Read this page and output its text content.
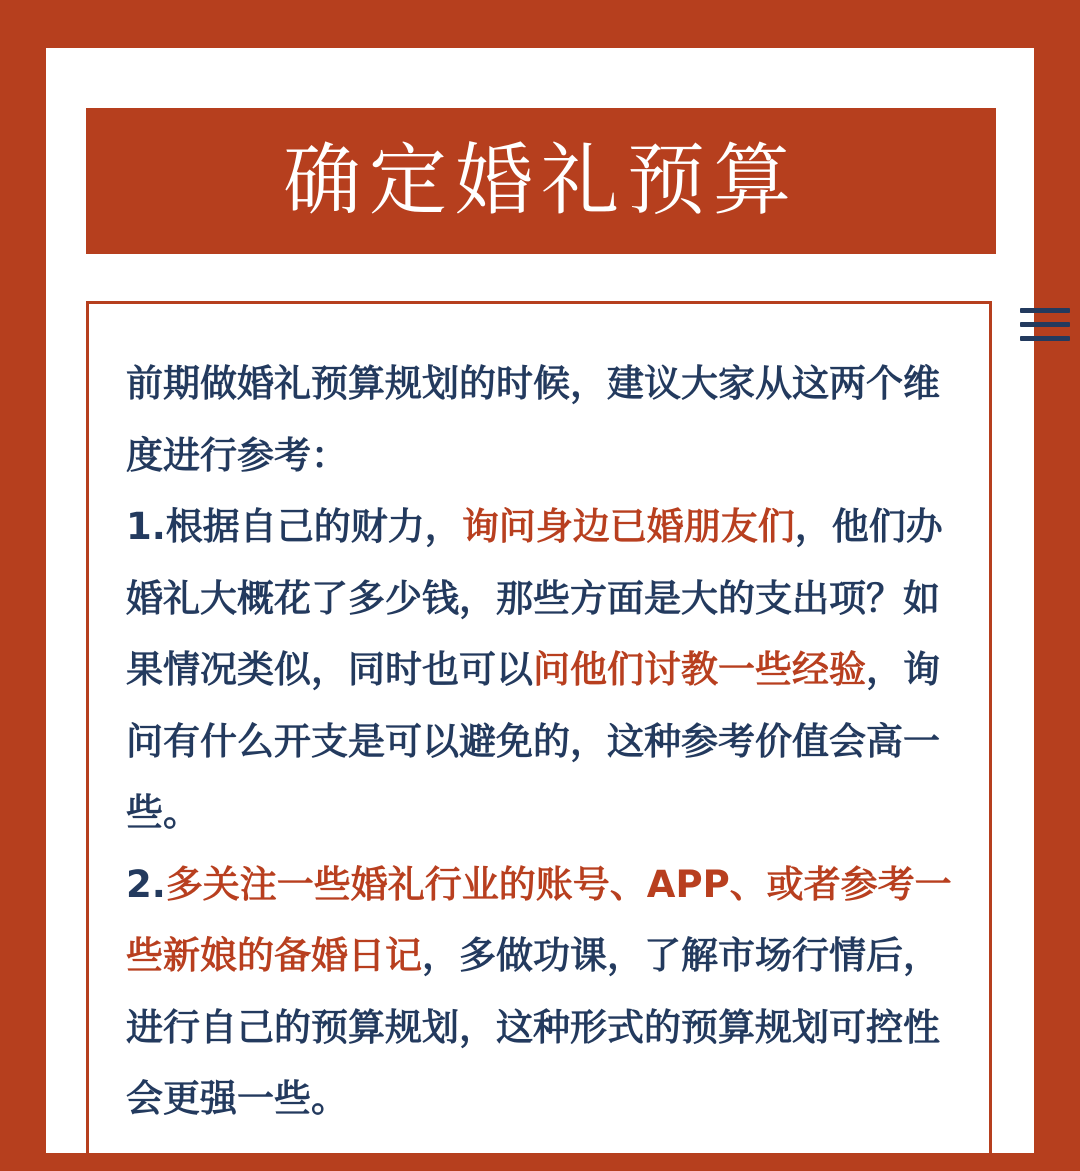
确定婚礼预算
前期做婚礼预算规划的时候，建议大家从这两个维度进行参考：
1.根据自己的财力，询问身边已婚朋友们，他们办婚礼大概花了多少钱，那些方面是大的支出项？如果情况类似，同时也可以问他们讨教一些经验，询问有什么开支是可以避免的，这种参考价值会高一些。
2.多关注一些婚礼行业的账号、APP、或者参考一些新娘的备婚日记，多做功课，了解市场行情后，进行自己的预算规划，这种形式的预算规划可控性会更强一些。
